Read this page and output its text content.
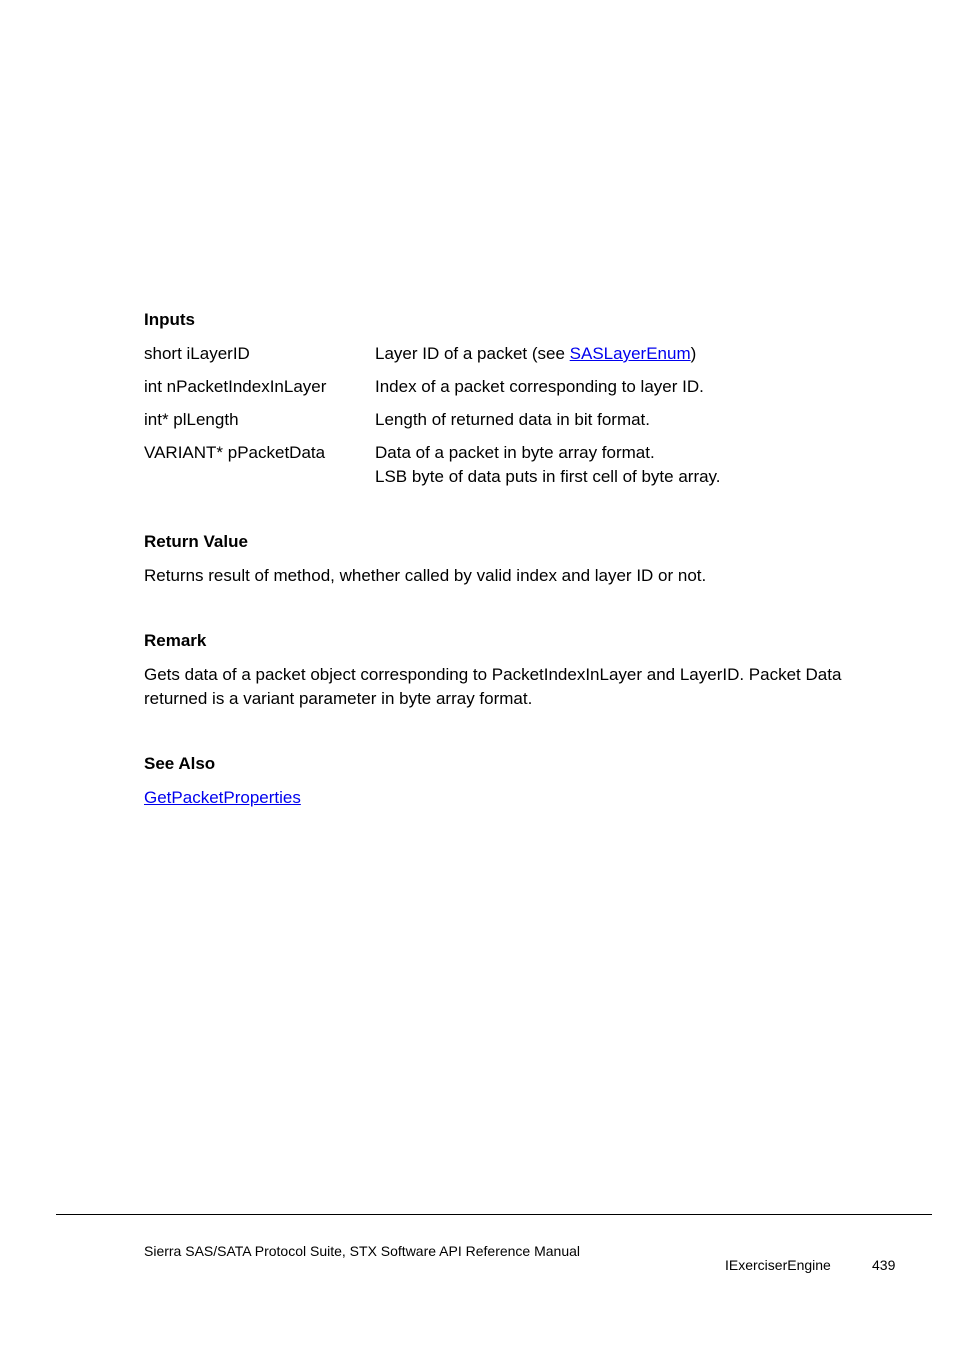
Inputs
short iLayerID	Layer ID of a packet (see SASLayerEnum)
int nPacketIndexInLayer	Index of a packet corresponding to layer ID.
int* plLength	Length of returned data in bit format.
VARIANT* pPacketData	Data of a packet in byte array format.
LSB byte of data puts in first cell of byte array.
Return Value
Returns result of method, whether called by valid index and layer ID or not.
Remark
Gets data of a packet object corresponding to PacketIndexInLayer and LayerID. Packet Data
returned is a variant parameter in byte array format.
See Also
GetPacketProperties
Sierra SAS/SATA Protocol Suite, STX Software API Reference Manual
IExerciserEngine	439
